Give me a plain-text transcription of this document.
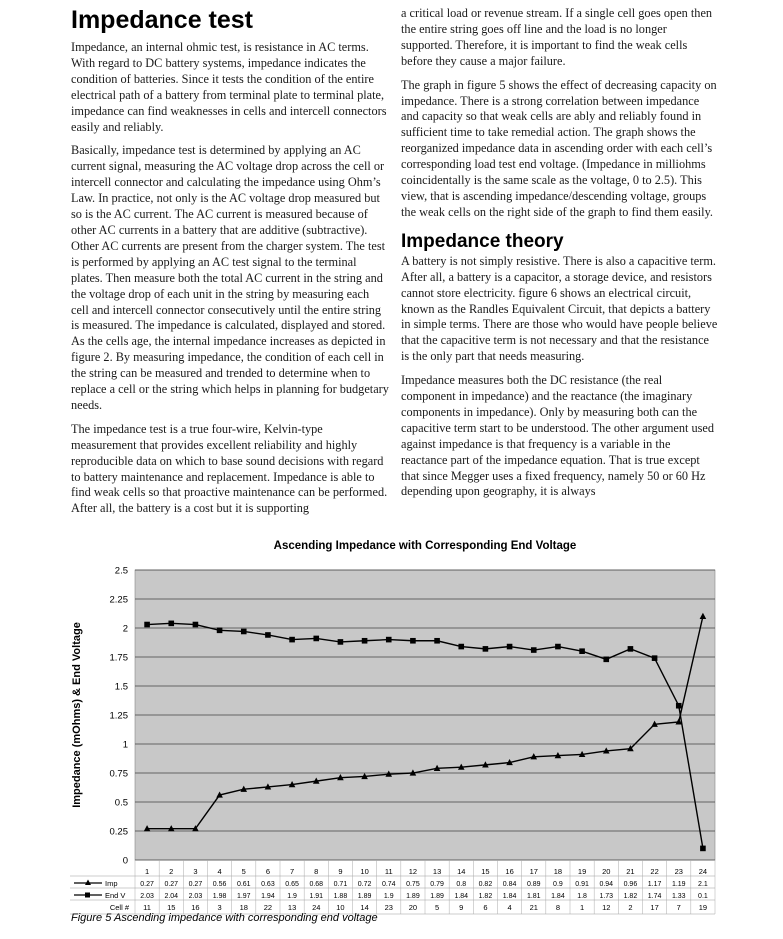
Impedance test

Impedance, an internal ohmic test, is resistance in AC terms. With regard to DC battery systems, impedance indicates the condition of batteries. Since it tests the condition of the entire electrical path of a battery from terminal plate to terminal plate, impedance can find weaknesses in cells and intercell connectors easily and reliably.

Basically, impedance test is determined by applying an AC current signal, measuring the AC voltage drop across the cell or intercell connector and calculating the impedance using Ohm’s Law. In practice, not only is the AC voltage drop measured but so is the AC current. The AC current is measured because of other AC currents in a battery that are additive (subtractive). Other AC currents are present from the charger system. The test is performed by applying an AC test signal to the terminal plates. Then measure both the total AC current in the string and the voltage drop of each unit in the string by measuring each cell and intercell connector consecutively until the entire string is measured. The impedance is calculated, displayed and stored. As the cells age, the internal impedance increases as depicted in figure 2. By measuring impedance, the condition of each cell in the string can be measured and trended to determine when to replace a cell or the string which helps in planning for budgetary needs.

The impedance test is a true four-wire, Kelvin-type measurement that provides excellent reliability and highly reproducible data on which to base sound decisions with regard to battery maintenance and replacement. Impedance is able to find weak cells so that proactive maintenance can be performed. After all, the battery is a cost but it is supporting

a critical load or revenue stream. If a single cell goes open then the entire string goes off line and the load is no longer supported. Therefore, it is important to find the weak cells before they cause a major failure.

The graph in figure 5 shows the effect of decreasing capacity on impedance. There is a strong correlation between impedance and capacity so that weak cells are ably and reliably found in sufficient time to take remedial action. The graph shows the reorganized impedance data in ascending order with each cell’s corresponding load test end voltage. (Impedance in milliohms coincidentally is the same scale as the voltage, 0 to 2.5). This view, that is ascending impedance/descending voltage, groups the weak cells on the right side of the graph to find them easily.

Impedance theory

A battery is not simply resistive. There is also a capacitive term. After all, a battery is a capacitor, a storage device, and resistors cannot store electricity. figure 6 shows an electrical circuit, known as the Randles Equivalent Circuit, that depicts a battery in simple terms. There are those who would have people believe that the capacitive term is not necessary and that the resistance is the only part that needs measuring.

Impedance measures both the DC resistance (the real component in impedance) and the reactance (the imaginary components in impedance). Only by measuring both can the capacitive term start to be understood. The other argument used against impedance is that frequency is a variable in the reactance part of the impedance equation. That is true except that since Megger uses a fixed frequency, namely 50 or 60 Hz depending upon geography, it is always

Ascending Impedance with Corresponding End Voltage
0
0.25
0.5
0.75
1
1.25
1.5
1.75
2
2.25
2.5
Impedance (mOhms) & End Voltage
1	2	3	4	5	6	7	8	9 10 11 12 13 14 15 16 17 18 19 20 21 22 23 24
Imp	0.27 0.27 0.27 0.56 0.61 0.63 0.65 0.68 0.71 0.72 0.74 0.75 0.79 0.8 0.82 0.84 0.89 0.9 0.91 0.94 0.96 1.17 1.19 2.1
End V 2.03 2.04 2.03 1.98 1.97 1.94 1.9 1.91 1.88 1.89 1.9 1.89 1.89 1.84 1.82 1.84 1.81 1.84 1.8 1.73 1.82 1.74 1.33 0.1
Cell # 11 15 16 3 18 22 13 24 10 14 23 20 5	9	6	4 21 8	1 12 2 17 7 19
Figure 5 Ascending impedance with corresponding end voltage
